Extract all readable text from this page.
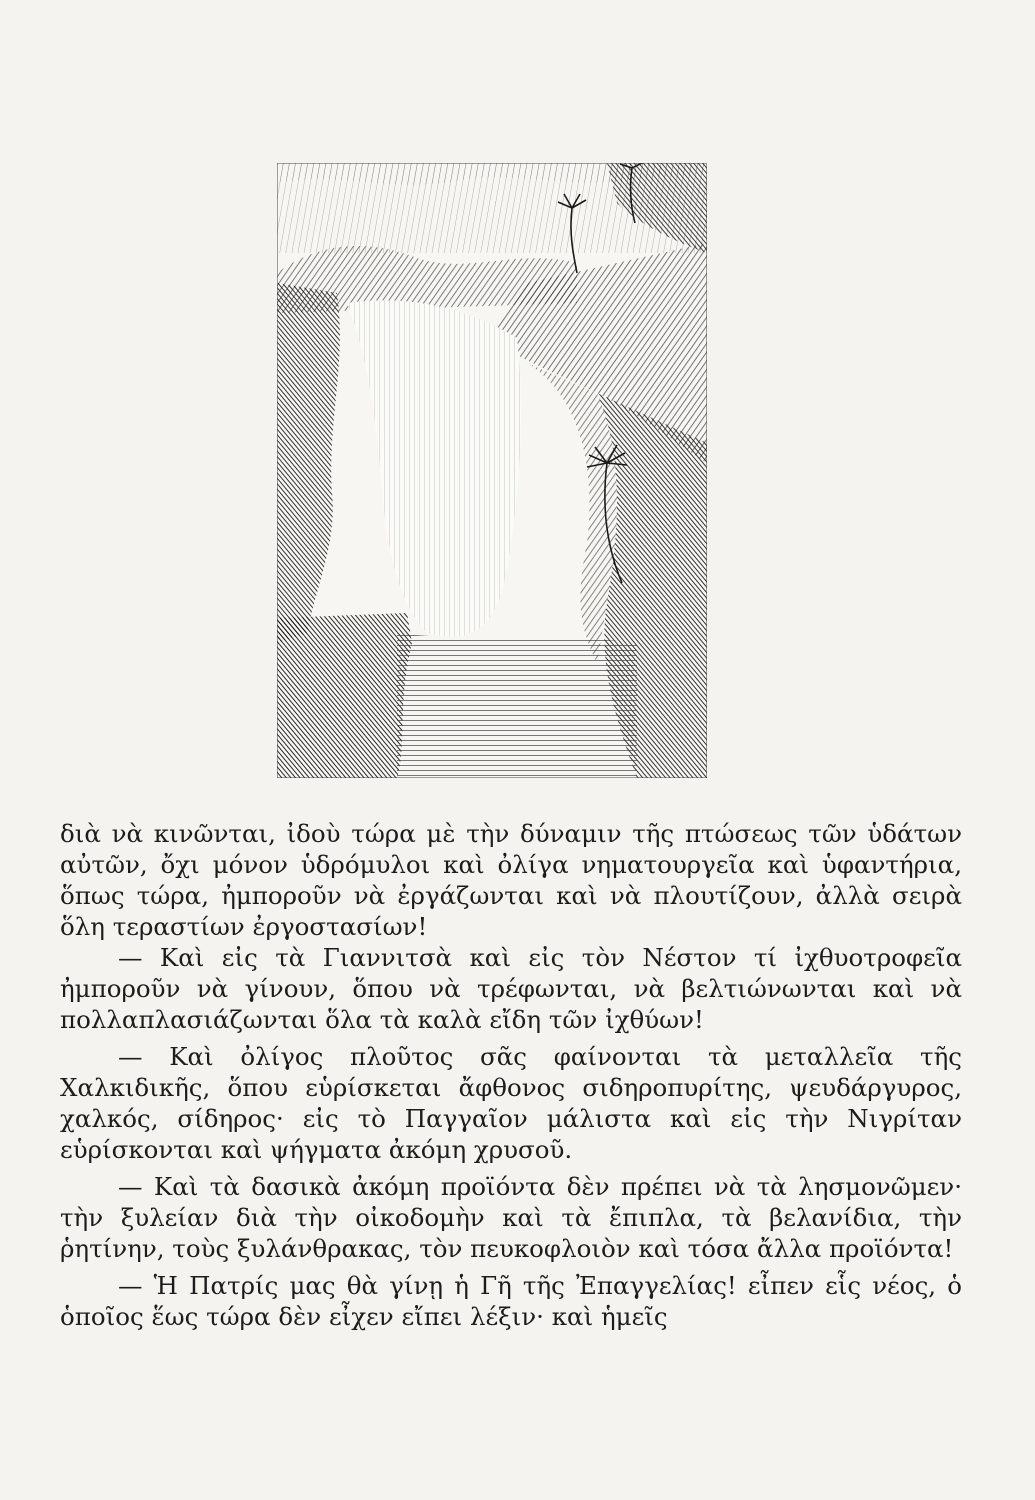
διὰ νὰ κινῶνται, ἰδοὺ τώρα μὲ τὴν δύναμιν τῆς πτώσεως τῶν ὑδάτων αὐτῶν, ὄχι μόνον ὑδρόμυλοι καὶ ὀλίγα νηματουργεῖα καὶ ὑφαντήρια, ὅπως τώρα, ἠμποροῦν νὰ ἐργάζωνται καὶ νὰ πλουτίζουν, ἀλλὰ σειρὰ ὅλη τεραστίων ἐργοστασίων!

— Καὶ εἰς τὰ Γιαννιτσὰ καὶ εἰς τὸν Νέστον τί ἰχθυοτροφεῖα ἠμποροῦν νὰ γίνουν, ὅπου νὰ τρέφωνται, νὰ βελτιώνωνται καὶ νὰ πολλαπλασιάζωνται ὅλα τὰ καλὰ εἴδη τῶν ἰχθύων!

— Καὶ ὀλίγος πλοῦτος σᾶς φαίνονται τὰ μεταλλεῖα τῆς Χαλκιδικῆς, ὅπου εὑρίσκεται ἄφθονος σιδηροπυρίτης, ψευδάργυρος, χαλκός, σίδηρος· εἰς τὸ Παγγαῖον μάλιστα καὶ εἰς τὴν Νιγρίταν εὑρίσκονται καὶ ψήγματα ἀκόμη χρυσοῦ.

— Καὶ τὰ δασικὰ ἀκόμη προϊόντα δὲν πρέπει νὰ τὰ λησμονῶμεν· τὴν ξυλείαν διὰ τὴν οἰκοδομὴν καὶ τὰ ἔπιπλα, τὰ βελανίδια, τὴν ῥητίνην, τοὺς ξυλάνθρακας, τὸν πευκοφλοιὸν καὶ τόσα ἄλλα προϊόντα!

— Ἡ Πατρίς μας θὰ γίνῃ ἡ Γῆ τῆς Ἐπαγγελίας! εἶπεν εἷς νέος, ὁ ὁποῖος ἕως τώρα δὲν εἶχεν εἴπει λέξιν· καὶ ἡμεῖς
